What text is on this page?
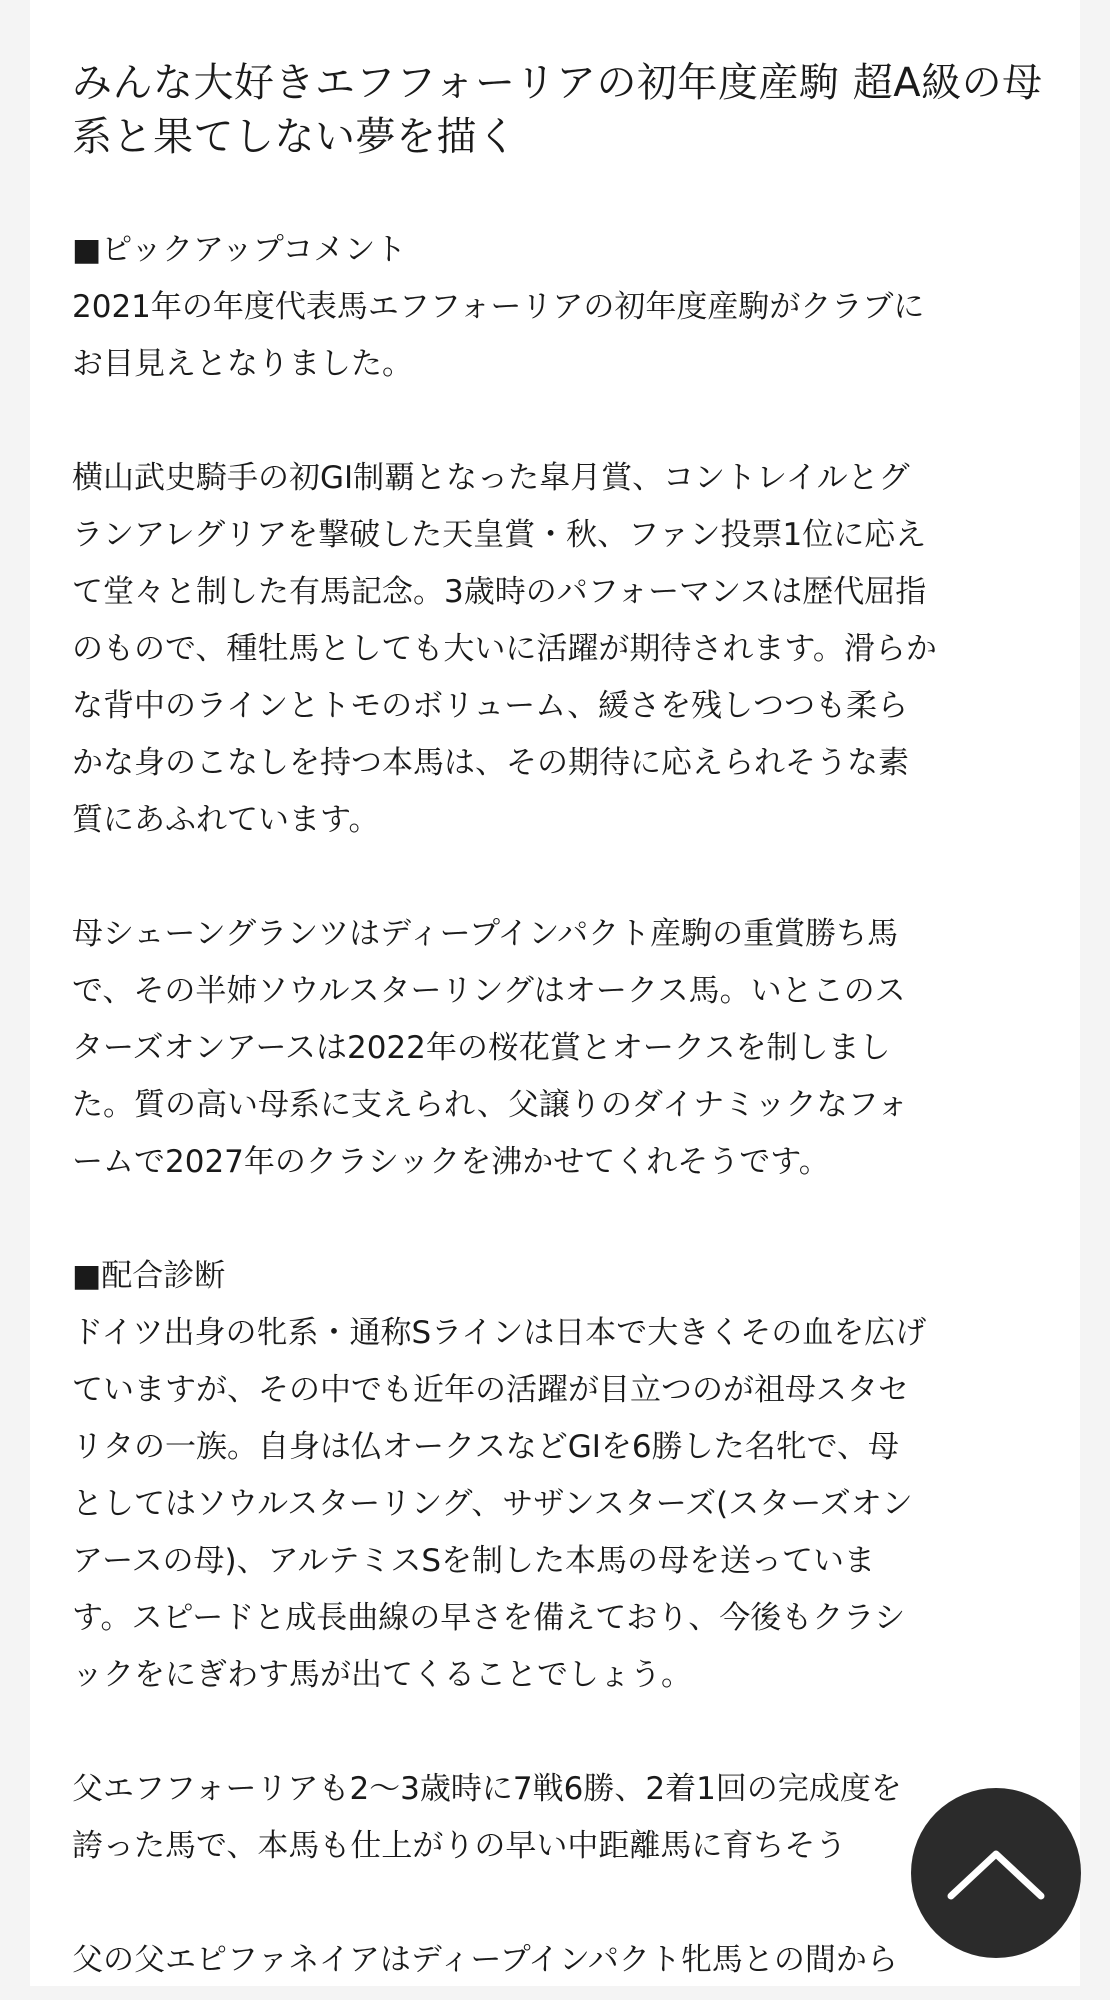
みんな大好きエフフォーリアの初年度産駒 超A級の母系と果てしない夢を描く

■ピックアップコメント

2021年の年度代表馬エフフォーリアの初年度産駒がクラブに
お目見えとなりました。

横山武史騎手の初GⅠ制覇となった皐月賞、コントレイルとグ
ランアレグリアを撃破した天皇賞・秋、ファン投票1位に応え
て堂々と制した有馬記念。3歳時のパフォーマンスは歴代屈指
のもので、種牡馬としても大いに活躍が期待されます。滑らか
な背中のラインとトモのボリューム、緩さを残しつつも柔ら
かな身のこなしを持つ本馬は、その期待に応えられそうな素
質にあふれています。

母シェーングランツはディープインパクト産駒の重賞勝ち馬
で、その半姉ソウルスターリングはオークス馬。いとこのス
ターズオンアースは2022年の桜花賞とオークスを制しまし
た。質の高い母系に支えられ、父譲りのダイナミックなフォ
ームで2027年のクラシックを沸かせてくれそうです。

■配合診断

ドイツ出身の牝系・通称Sラインは日本で大きくその血を広げ
ていますが、その中でも近年の活躍が目立つのが祖母スタセ
リタの一族。自身は仏オークスなどGⅠを6勝した名牝で、母
としてはソウルスターリング、サザンスターズ(スターズオン
アースの母)、アルテミスSを制した本馬の母を送っていま
す。スピードと成長曲線の早さを備えており、今後もクラシ
ックをにぎわす馬が出てくることでしょう。

父エフフォーリアも2〜3歳時に7戦6勝、2着1回の完成度を
誇った馬で、本馬も仕上がりの早い中距離馬に育ちそう

父の父エピファネイアはディープインパクト牝馬との間から
